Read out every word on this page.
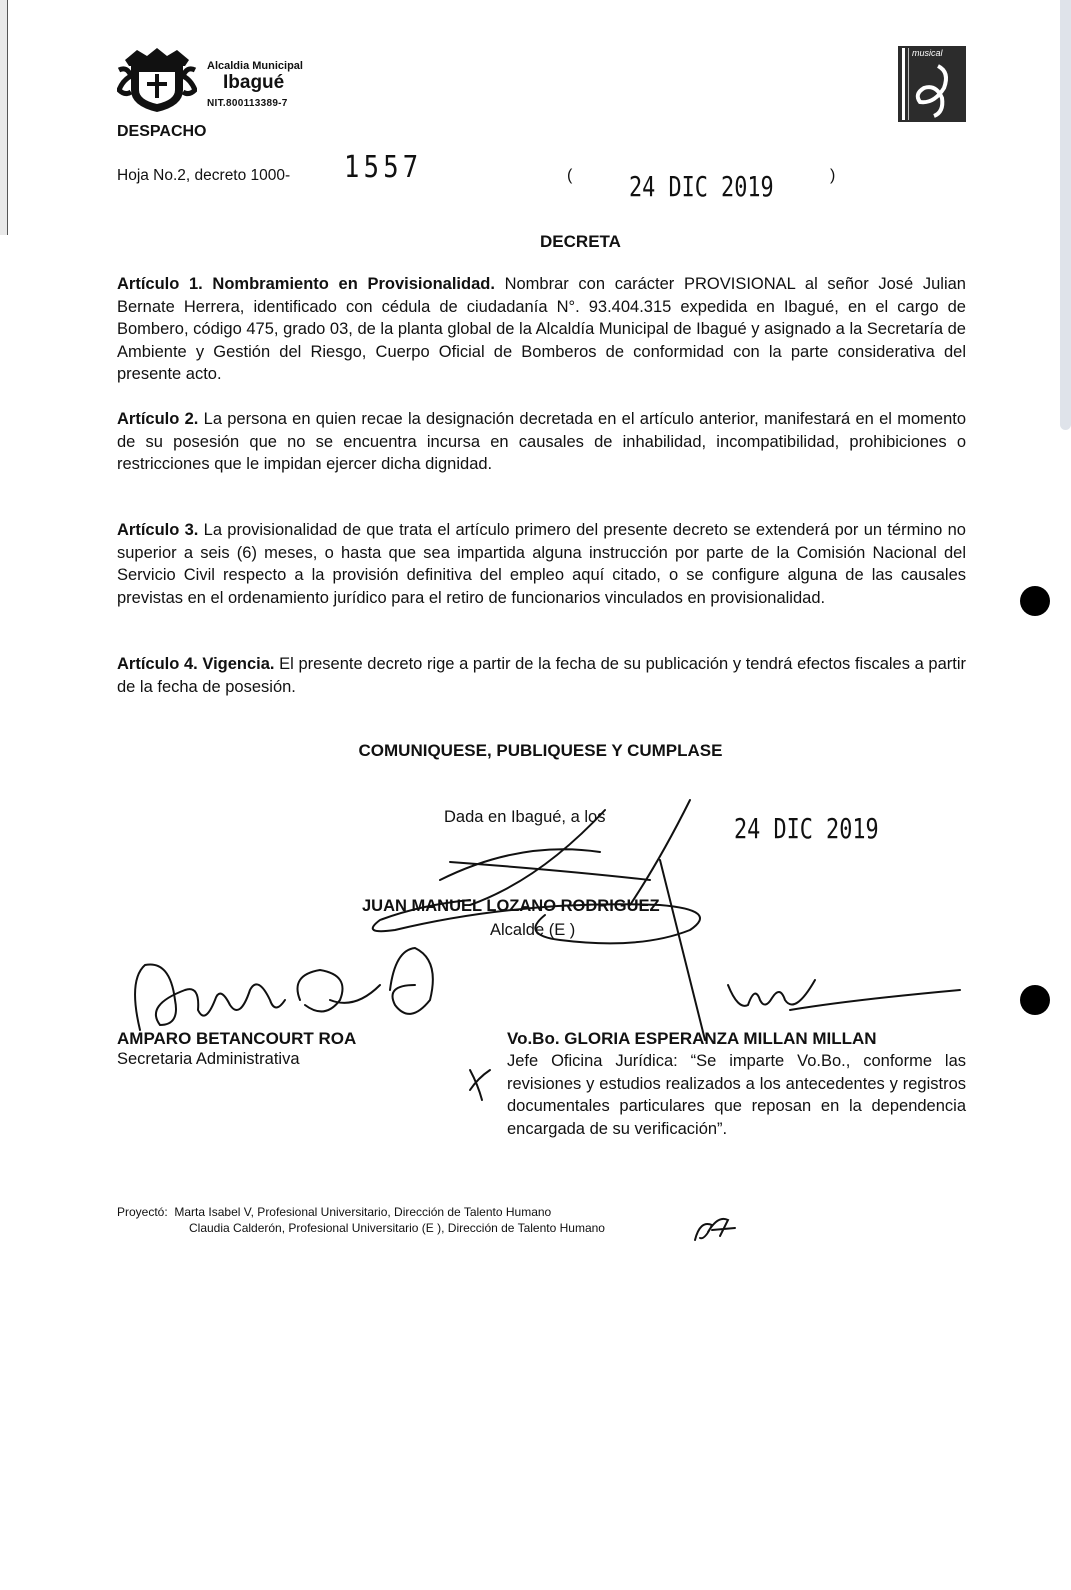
Alcaldia Municipal
Ibagué
NIT.800113389-7
DESPACHO
musical
Hoja No.2, decreto 1000- 1557	( 24 DIC 2019	)
DECRETA
Artículo 1. Nombramiento en Provisionalidad. Nombrar con carácter PROVISIONAL al señor José Julian Bernate Herrera, identificado con cédula de ciudadanía N°. 93.404.315 expedida en Ibagué, en el cargo de Bombero, código 475, grado 03, de la planta global de la Alcaldía Municipal de Ibagué y asignado a la Secretaría de Ambiente y Gestión del Riesgo, Cuerpo Oficial de Bomberos de conformidad con la parte considerativa del presente acto.
Artículo 2. La persona en quien recae la designación decretada en el artículo anterior, manifestará en el momento de su posesión que no se encuentra incursa en causales de inhabilidad, incompatibilidad, prohibiciones o restricciones que le impidan ejercer dicha dignidad.
Artículo 3. La provisionalidad de que trata el artículo primero del presente decreto se extenderá por un término no superior a seis (6) meses, o hasta que sea impartida alguna instrucción por parte de la Comisión Nacional del Servicio Civil respecto a la provisión definitiva del empleo aquí citado, o se configure alguna de las causales previstas en el ordenamiento jurídico para el retiro de funcionarios vinculados en provisionalidad.
Artículo 4. Vigencia. El presente decreto rige a partir de la fecha de su publicación y tendrá efectos fiscales a partir de la fecha de posesión.
COMUNIQUESE, PUBLIQUESE Y CUMPLASE
Dada en Ibagué, a los	24 DIC 2019
JUAN MANUEL LOZANO RODRIGUEZ
Alcalde (E )
AMPARO BETANCOURT ROA
Secretaria Administrativa
Vo.Bo. GLORIA ESPERANZA MILLAN MILLAN
Jefe Oficina Jurídica: “Se imparte Vo.Bo., conforme las revisiones y estudios realizados a los antecedentes y registros documentales particulares que reposan en la dependencia encargada de su verificación”.
Proyectó: Marta Isabel V, Profesional Universitario, Dirección de Talento Humano
Claudia Calderón, Profesional Universitario (E ), Dirección de Talento Humano
